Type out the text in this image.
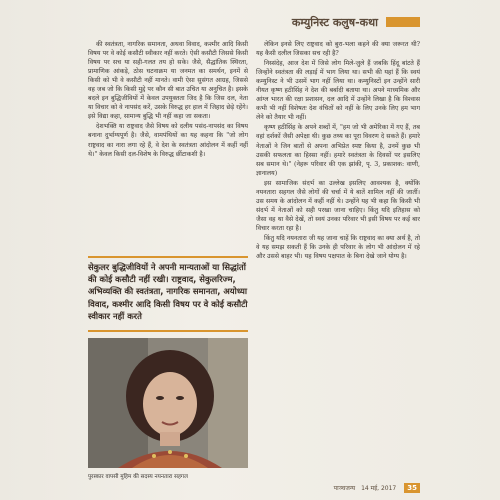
कम्युनिस्ट कलुष-कथा

की स्वतंत्रता, नागरिक समानता, अथवा विवाद, कश्मीर आदि किसी विषय पर वे कोई कसौटी स्वीकार नहीं करते। ऐसी कसौटी जिससे किसी विषय पर सच या सही-गलत तय हो सके। जैसे, सैद्धांतिक स्थिरता, प्रामाणिक आंकड़े, ठोस घटनाक्रम या जनमत का समर्थन, इनमें से किसी को भी वे कसौटी नहीं मानते। वामी ऐसा सुसंगत आग्रह, जिससे वह जब जो कि किसी मुद्दे पर कौन सी बात उचित या अनुचित है। इसके बदले इन बुद्धिजीवियों में केवल उपयुक्तता जिद है कि जिस दल, नेता या विचार को वे नापसंद करें, उसके विरुद्ध हर हाल में जिहाद छेड़े रहेंगे। इसे विद्या कहा, सामान्य बुद्धि भी नहीं कहा जा सकता।

देशभक्ति या राष्ट्रवाद जैसे विषय को दलीय पसंद-नापसंद का विषय बनाना दुर्भाग्यपूर्ण है। जैसे, वामपंथियों का यह कहना कि "जो लोग राष्ट्रवाद का नारा लगा रहे हैं, वे देश के स्वतंत्रता आंदोलन में कहीं नहीं थे।" केवल किसी दल-विशेष के विरुद्ध छींटाकशी है।

सेकुलर बुद्धिजीवियों ने अपनी मान्यताओं या सिद्धांतों की कोई कसौटी नहीं रखी। राष्ट्रवाद, सेकुलरिज्म, अभिव्यक्ति की स्वतंत्रता, नागरिक समानता, अयोध्या विवाद, कश्मीर आदि किसी विषय पर वे कोई कसौटी स्वीकार नहीं करते
पुरस्कार वापसी मुहिम की सदस्य नयनतारा सहगल

लेकिन इनसे लिए राष्ट्रवाद को बुरा-भला कहने की क्या जरूरत थी? यह कैसी दलील जिसका सच रही है?

निस्संदेह, आज देश में जिसे लोग मिले-जुले हैं जबकि हिंदू बांटते हैं जिन्होंने स्वतंत्रता की लड़ाई में भाग लिया था। सभी की यहां हैं कि स्वयं कम्युनिस्ट ने भी उसमें भाग नहीं लिया था। कम्युनिस्टों इन उन्होंने सारी नीयत कृष्ण हठीसिंह ने देश की बर्बादी बताया था। अपने माध्यमिक और आंग्ल भारत की रक्षा प्रशासन, दल आदि में उन्होंने लिखा है कि विश्वास कभी भी नहीं विशेषतः देश वंचितों को नहीं के लिए उनके लिए हम भाग लेने को तैयार भी नहीं।

कृष्ण हठीसिंह के अपने शब्दों में, "हम जो भी अमेरिका में गए हैं, तब वहां दर्शकों जैसी अपेक्षा थी। कुछ तथ्य का पूरा विवरण दे सकते हैं। हमारे नेताओं ने जिन बातों से अपना अभिप्रेत स्पष्ट किया है, उनमें कुछ भी उसकी सफलता का हिस्सा नहीं। हमारे स्वतंत्रता के दिवसों पर इसलिए सब समान थे।" (नेहरू परिवार की एक झांकी, पृ. 3, प्रकाशक: वाणी, ज्ञानालय)

इस सामाजिक संदर्भ का उल्लेख इसलिए आवश्यक है, क्योंकि नयनतारा सहगल जैसे लोगों की चर्चा में ये बातें शामिल नहीं की जातीं। उस समय के आंदोलन में कहीं नहीं थे। उन्होंने यह भी कहा कि किसी भी संदर्भ में नेताओं को सही परखा जाना चाहिए। किंतु यदि इतिहास को जैसा वह था वैसे देखें, तो स्वयं उनका परिवार भी इसी विषय पर कई बार विचार करता रहा है।

किंतु यदि नयनतारा जी यह जाना चाहें कि राष्ट्रवाद का क्या अर्थ है, तो वे यह समझ सकती हैं कि उनके ही परिवार के लोग भी आंदोलन में रहे और उससे बाहर भी। यह विषय पक्षपात के बिना देखे जाने योग्य है।

पाञ्चजन्य 14 मई, 2017	35
